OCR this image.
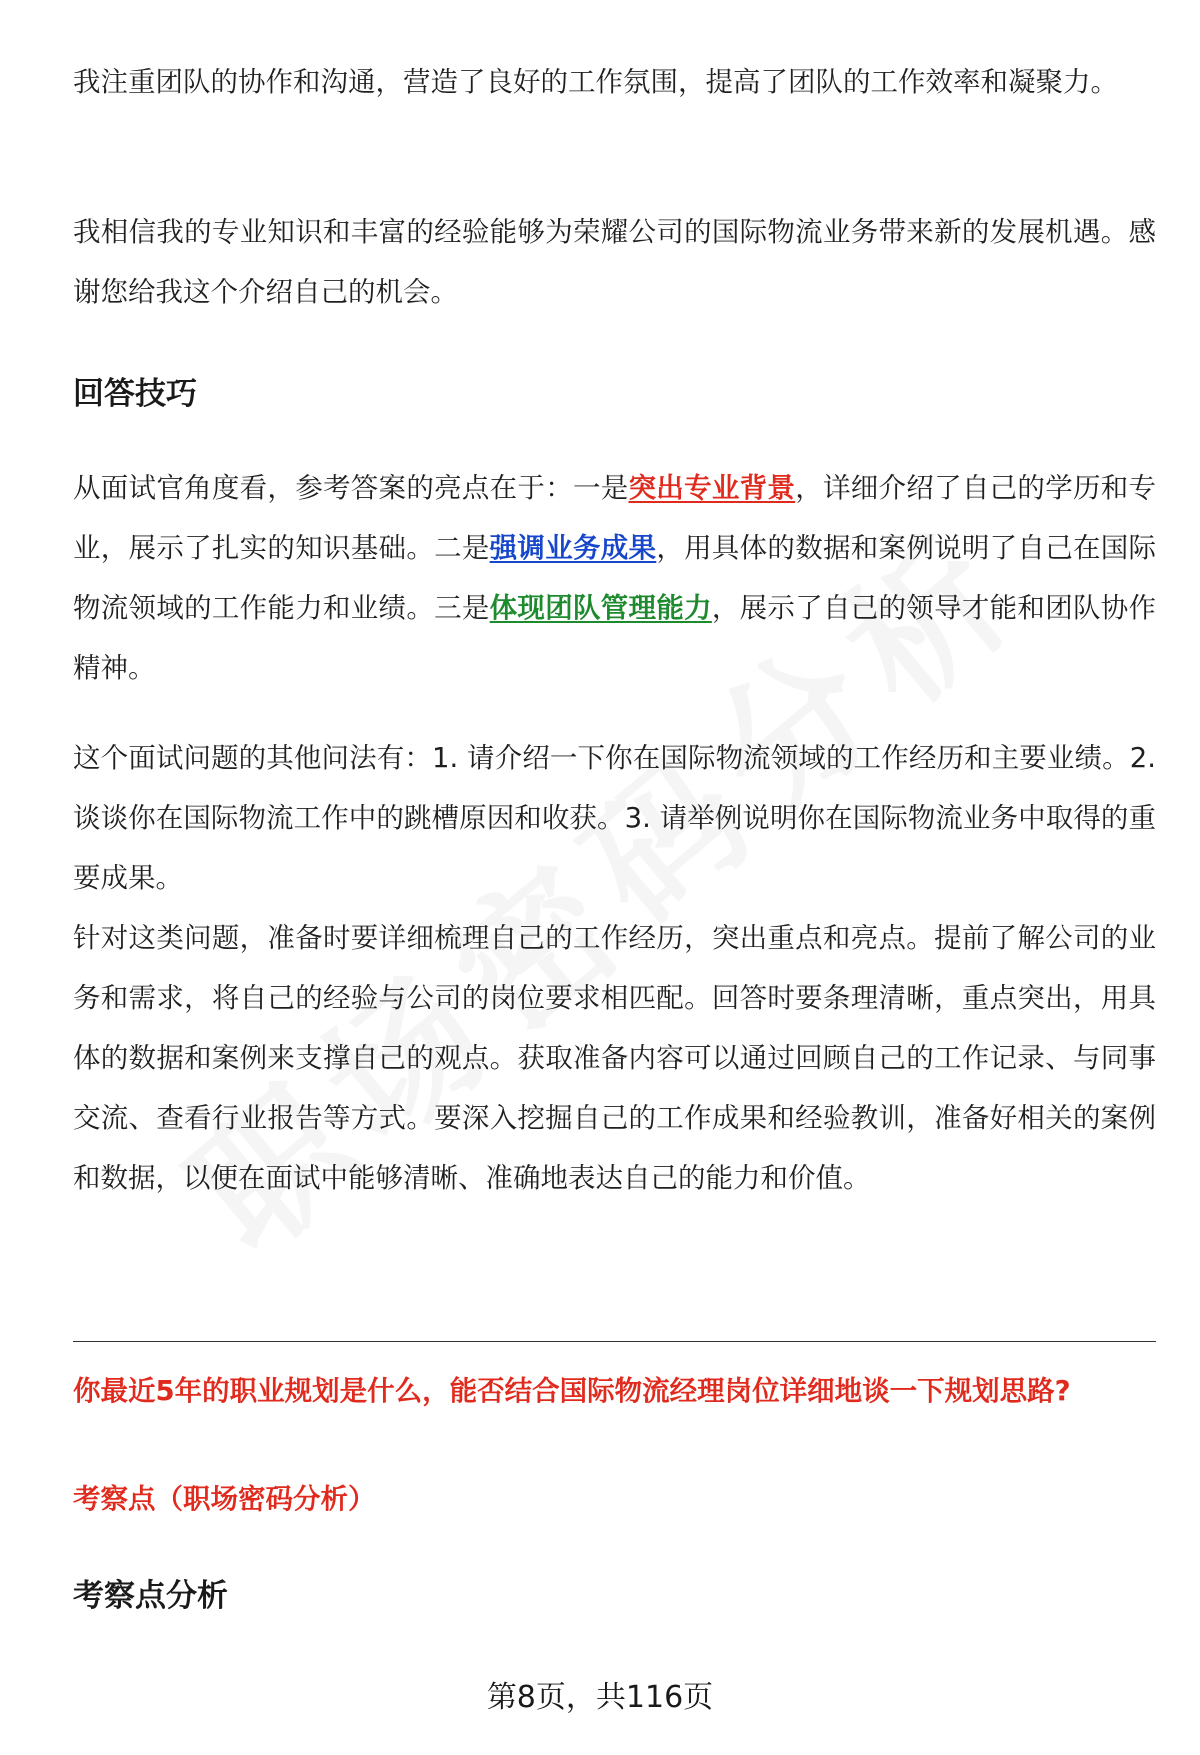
我注重团队的协作和沟通，营造了良好的工作氛围，提高了团队的工作效率和凝聚力。

我相信我的专业知识和丰富的经验能够为荣耀公司的国际物流业务带来新的发展机遇。感谢您给我这个介绍自己的机会。

回答技巧

从面试官角度看，参考答案的亮点在于：一是突出专业背景，详细介绍了自己的学历和专业，展示了扎实的知识基础。二是强调业务成果，用具体的数据和案例说明了自己在国际物流领域的工作能力和业绩。三是体现团队管理能力，展示了自己的领导才能和团队协作精神。

这个面试问题的其他问法有：1. 请介绍一下你在国际物流领域的工作经历和主要业绩。2. 谈谈你在国际物流工作中的跳槽原因和收获。3. 请举例说明你在国际物流业务中取得的重要成果。

针对这类问题，准备时要详细梳理自己的工作经历，突出重点和亮点。提前了解公司的业务和需求，将自己的经验与公司的岗位要求相匹配。回答时要条理清晰，重点突出，用具体的数据和案例来支撑自己的观点。获取准备内容可以通过回顾自己的工作记录、与同事交流、查看行业报告等方式。要深入挖掘自己的工作成果和经验教训，准备好相关的案例和数据，以便在面试中能够清晰、准确地表达自己的能力和价值。

你最近5年的职业规划是什么，能否结合国际物流经理岗位详细地谈一下规划思路?

考察点（职场密码分析）

考察点分析
第8页，共116页
